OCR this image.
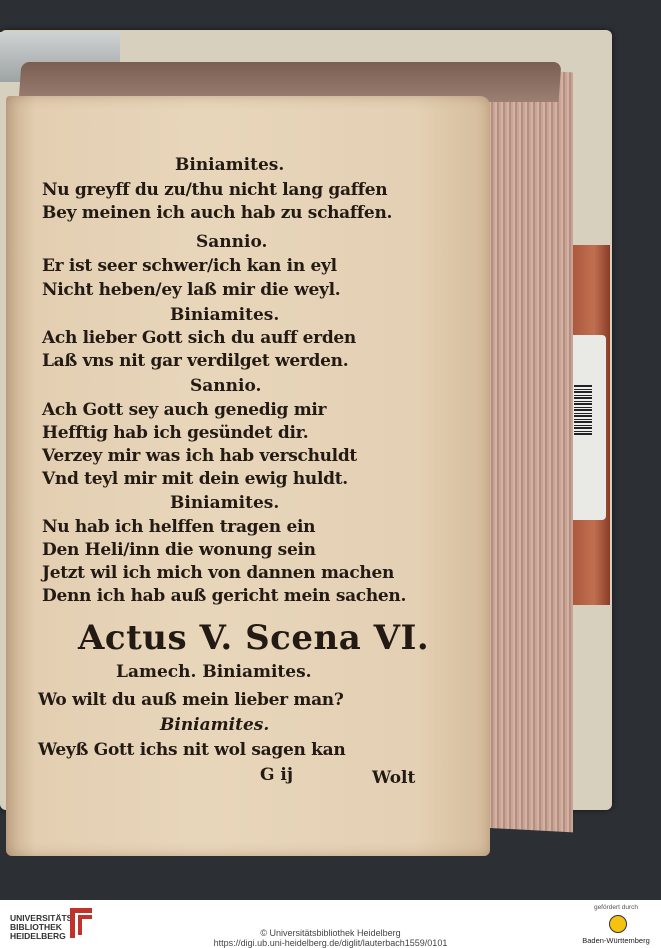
Biniamites.
Nu greyff du zu/thu nicht lang gaffen
Bey meinen ich auch hab zu schaffen.
Sannio.
Er ist seer schwer/ich kan in eyl
Nicht heben/ey laß mir die weyl.
Biniamites.
Ach lieber Gott sich du auff erden
Laß vns nit gar verdilget werden.
Sannio.
Ach Gott sey auch genedig mir
Hefftig hab ich gesündet dir.
Verzey mir was ich hab verschuldt
Vnd teyl mir mit dein ewig huldt.
Biniamites.
Nu hab ich helffen tragen ein
Den Heli/inn die wonung sein
Jetzt wil ich mich von dannen machen
Denn ich hab auß gericht mein sachen.
Actus V. Scena VI.
Lamech. Biniamites.
Wo wilt du auß mein lieber man?
Biniamites.
Weyß Gott ichs nit wol sagen kan
G ij	Wolt
UNIVERSITÄTS-
BIBLIOTHEK
HEIDELBERG	© Universitätsbibliothek Heidelberg
https://digi.ub.uni-heidelberg.de/diglit/lauterbach1559/0101
gefördert durch
Baden-Württemberg
